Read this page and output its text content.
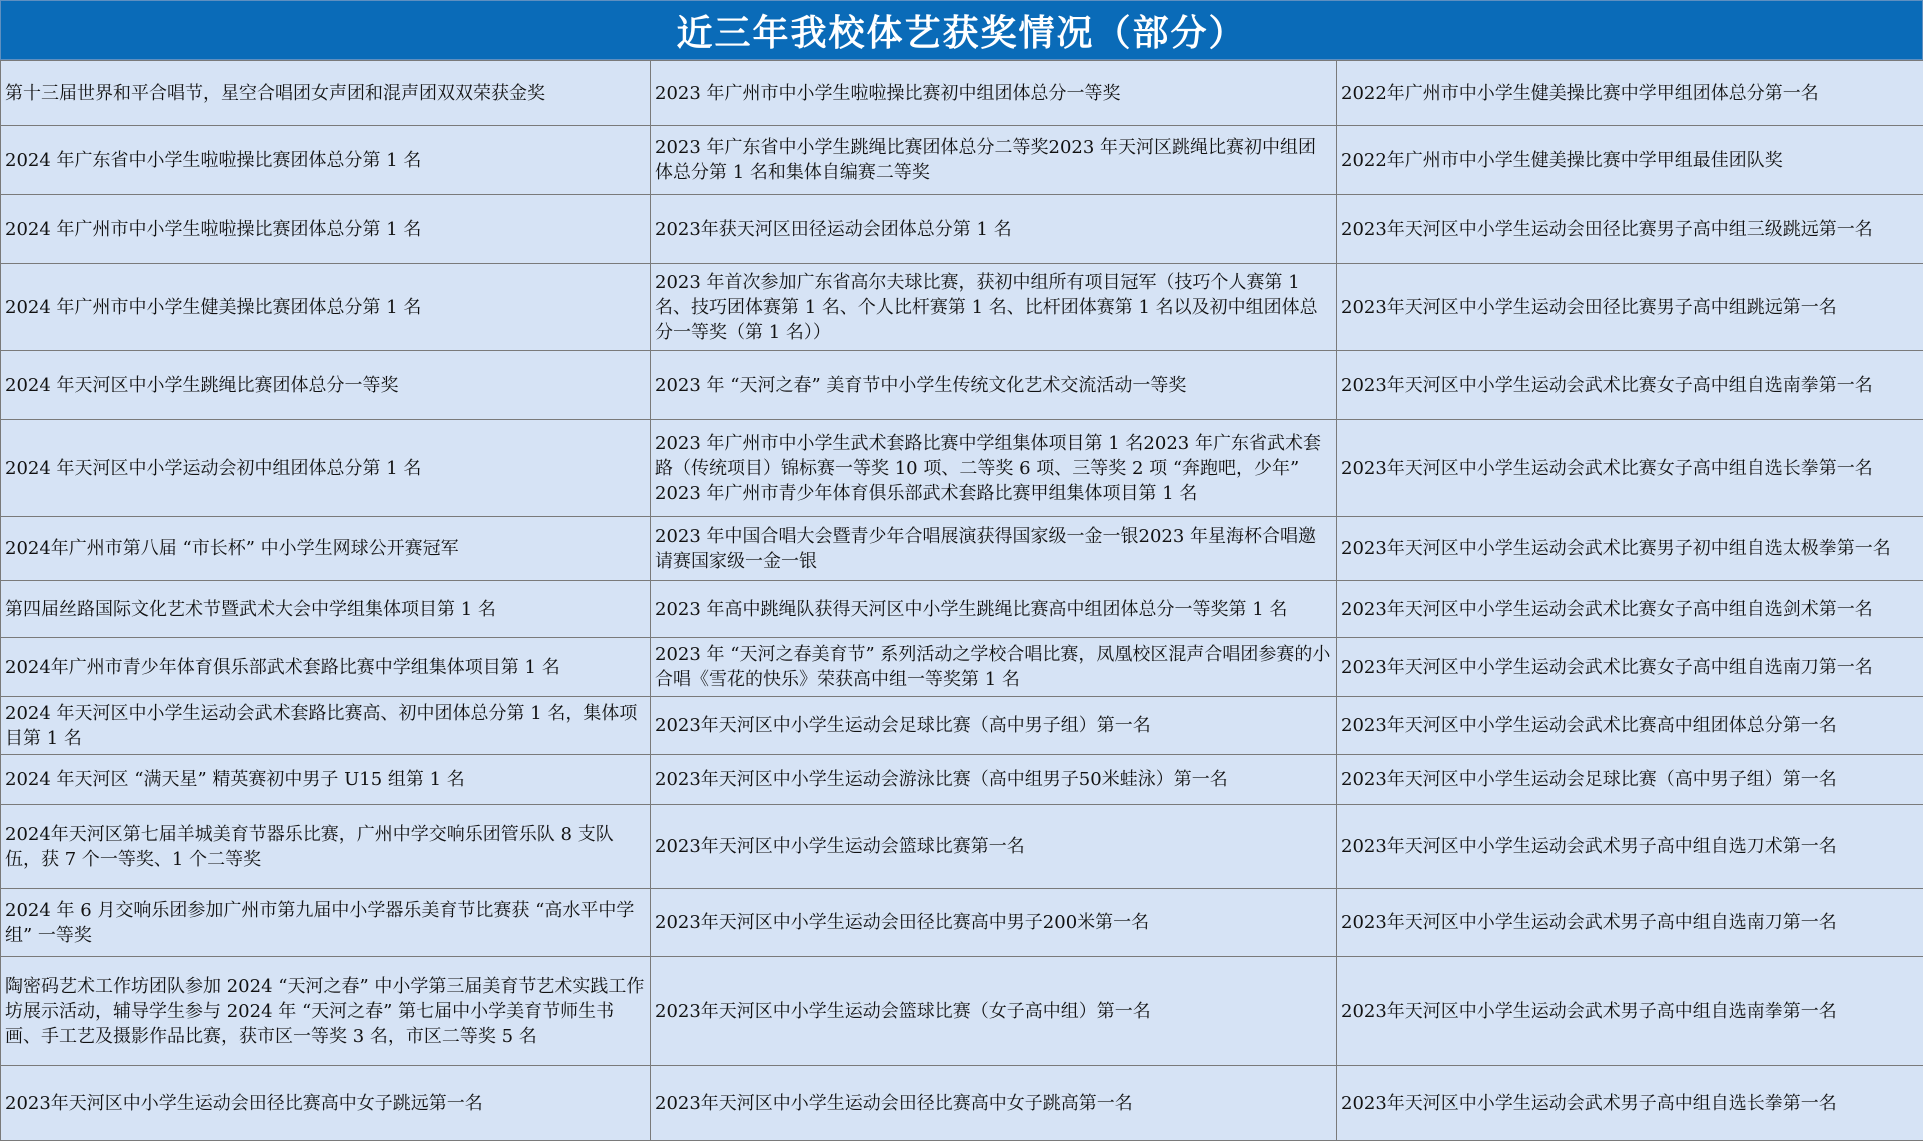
近三年我校体艺获奖情况（部分）
第十三届世界和平合唱节，星空合唱团女声团和混声团双双荣获金奖	2023 年广州市中小学生啦啦操比赛初中组团体总分一等奖	2022年广州市中小学生健美操比赛中学甲组团体总分第一名
2024 年广东省中小学生啦啦操比赛团体总分第 1 名	2023 年广东省中小学生跳绳比赛团体总分二等奖2023 年天河区跳绳比赛初中组团体总分第 1 名和集体自编赛二等奖	2022年广州市中小学生健美操比赛中学甲组最佳团队奖
2024 年广州市中小学生啦啦操比赛团体总分第 1 名	2023年获天河区田径运动会团体总分第 1 名	2023年天河区中小学生运动会田径比赛男子高中组三级跳远第一名
2024 年广州市中小学生健美操比赛团体总分第 1 名	2023 年首次参加广东省高尔夫球比赛，获初中组所有项目冠军（技巧个人赛第 1 名、技巧团体赛第 1 名、个人比杆赛第 1 名、比杆团体赛第 1 名以及初中组团体总分一等奖（第 1 名））	2023年天河区中小学生运动会田径比赛男子高中组跳远第一名
2024 年天河区中小学生跳绳比赛团体总分一等奖	2023 年 “天河之春” 美育节中小学生传统文化艺术交流活动一等奖	2023年天河区中小学生运动会武术比赛女子高中组自选南拳第一名
2024 年天河区中小学运动会初中组团体总分第 1 名	2023 年广州市中小学生武术套路比赛中学组集体项目第 1 名2023 年广东省武术套路（传统项目）锦标赛一等奖 10 项、二等奖 6 项、三等奖 2 项 “奔跑吧，少年” 2023 年广州市青少年体育俱乐部武术套路比赛甲组集体项目第 1 名	2023年天河区中小学生运动会武术比赛女子高中组自选长拳第一名
2024年广州市第八届 “市长杯” 中小学生网球公开赛冠军	2023 年中国合唱大会暨青少年合唱展演获得国家级一金一银2023 年星海杯合唱邀请赛国家级一金一银	2023年天河区中小学生运动会武术比赛男子初中组自选太极拳第一名
第四届丝路国际文化艺术节暨武术大会中学组集体项目第 1 名	2023 年高中跳绳队获得天河区中小学生跳绳比赛高中组团体总分一等奖第 1 名	2023年天河区中小学生运动会武术比赛女子高中组自选剑术第一名
2024年广州市青少年体育俱乐部武术套路比赛中学组集体项目第 1 名	2023 年 “天河之春美育节” 系列活动之学校合唱比赛，凤凰校区混声合唱团参赛的小合唱《雪花的快乐》荣获高中组一等奖第 1 名	2023年天河区中小学生运动会武术比赛女子高中组自选南刀第一名
2024 年天河区中小学生运动会武术套路比赛高、初中团体总分第 1 名，集体项目第 1 名	2023年天河区中小学生运动会足球比赛（高中男子组）第一名	2023年天河区中小学生运动会武术比赛高中组团体总分第一名
2024 年天河区 “满天星” 精英赛初中男子 U15 组第 1 名	2023年天河区中小学生运动会游泳比赛（高中组男子50米蛙泳）第一名	2023年天河区中小学生运动会足球比赛（高中男子组）第一名
2024年天河区第七届羊城美育节器乐比赛，广州中学交响乐团管乐队 8 支队伍，获 7 个一等奖、1 个二等奖	2023年天河区中小学生运动会篮球比赛第一名	2023年天河区中小学生运动会武术男子高中组自选刀术第一名
2024 年 6 月交响乐团参加广州市第九届中小学器乐美育节比赛获 “高水平中学组” 一等奖	2023年天河区中小学生运动会田径比赛高中男子200米第一名	2023年天河区中小学生运动会武术男子高中组自选南刀第一名
陶密码艺术工作坊团队参加 2024 “天河之春” 中小学第三届美育节艺术实践工作坊展示活动，辅导学生参与 2024 年 “天河之春” 第七届中小学美育节师生书画、手工艺及摄影作品比赛，获市区一等奖 3 名，市区二等奖 5 名	2023年天河区中小学生运动会篮球比赛（女子高中组）第一名	2023年天河区中小学生运动会武术男子高中组自选南拳第一名
2023年天河区中小学生运动会田径比赛高中女子跳远第一名	2023年天河区中小学生运动会田径比赛高中女子跳高第一名	2023年天河区中小学生运动会武术男子高中组自选长拳第一名
